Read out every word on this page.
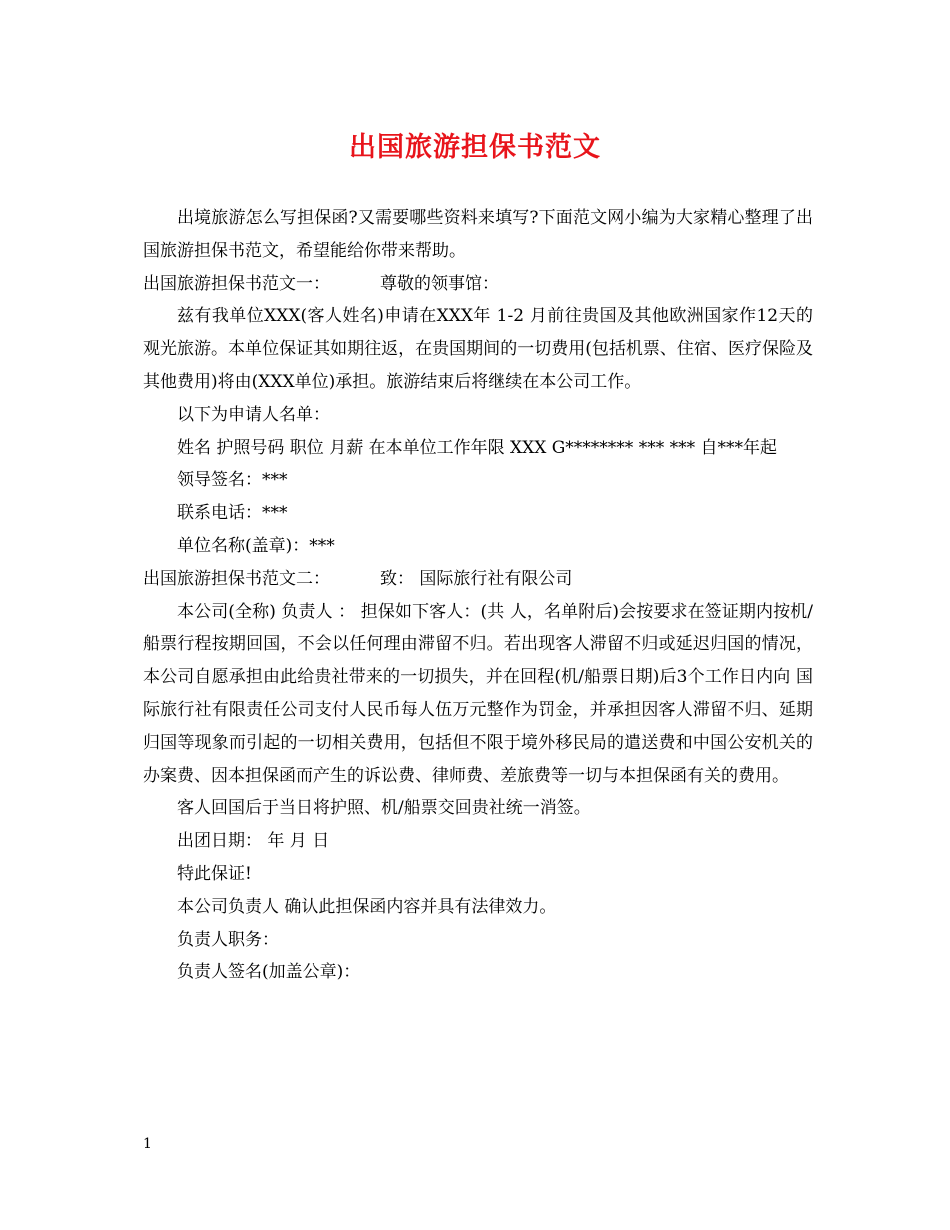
出国旅游担保书范文

出境旅游怎么写担保函?又需要哪些资料来填写?下面范文网小编为大家精心整理了出国旅游担保书范文，希望能给你带来帮助。

出国旅游担保书范文一：	尊敬的领事馆：

兹有我单位XXX(客人姓名)申请在XXX年 1-2 月前往贵国及其他欧洲国家作12天的观光旅游。本单位保证其如期往返，在贵国期间的一切费用(包括机票、住宿、医疗保险及其他费用)将由(XXX单位)承担。旅游结束后将继续在本公司工作。

以下为申请人名单：

姓名 护照号码 职位 月薪 在本单位工作年限 XXX G******** *** *** 自***年起

领导签名：***

联系电话：***

单位名称(盖章)：***

出国旅游担保书范文二：	致： 国际旅行社有限公司

本公司(全称) 负责人 ： 担保如下客人：(共 人，名单附后)会按要求在签证期内按机/船票行程按期回国，不会以任何理由滞留不归。若出现客人滞留不归或延迟归国的情况，本公司自愿承担由此给贵社带来的一切损失，并在回程(机/船票日期)后3个工作日内向 国际旅行社有限责任公司支付人民币每人伍万元整作为罚金，并承担因客人滞留不归、延期归国等现象而引起的一切相关费用，包括但不限于境外移民局的遣送费和中国公安机关的办案费、因本担保函而产生的诉讼费、律师费、差旅费等一切与本担保函有关的费用。

客人回国后于当日将护照、机/船票交回贵社统一消签。

出团日期： 年 月 日

特此保证!

本公司负责人 确认此担保函内容并具有法律效力。

负责人职务：

负责人签名(加盖公章)：

1
